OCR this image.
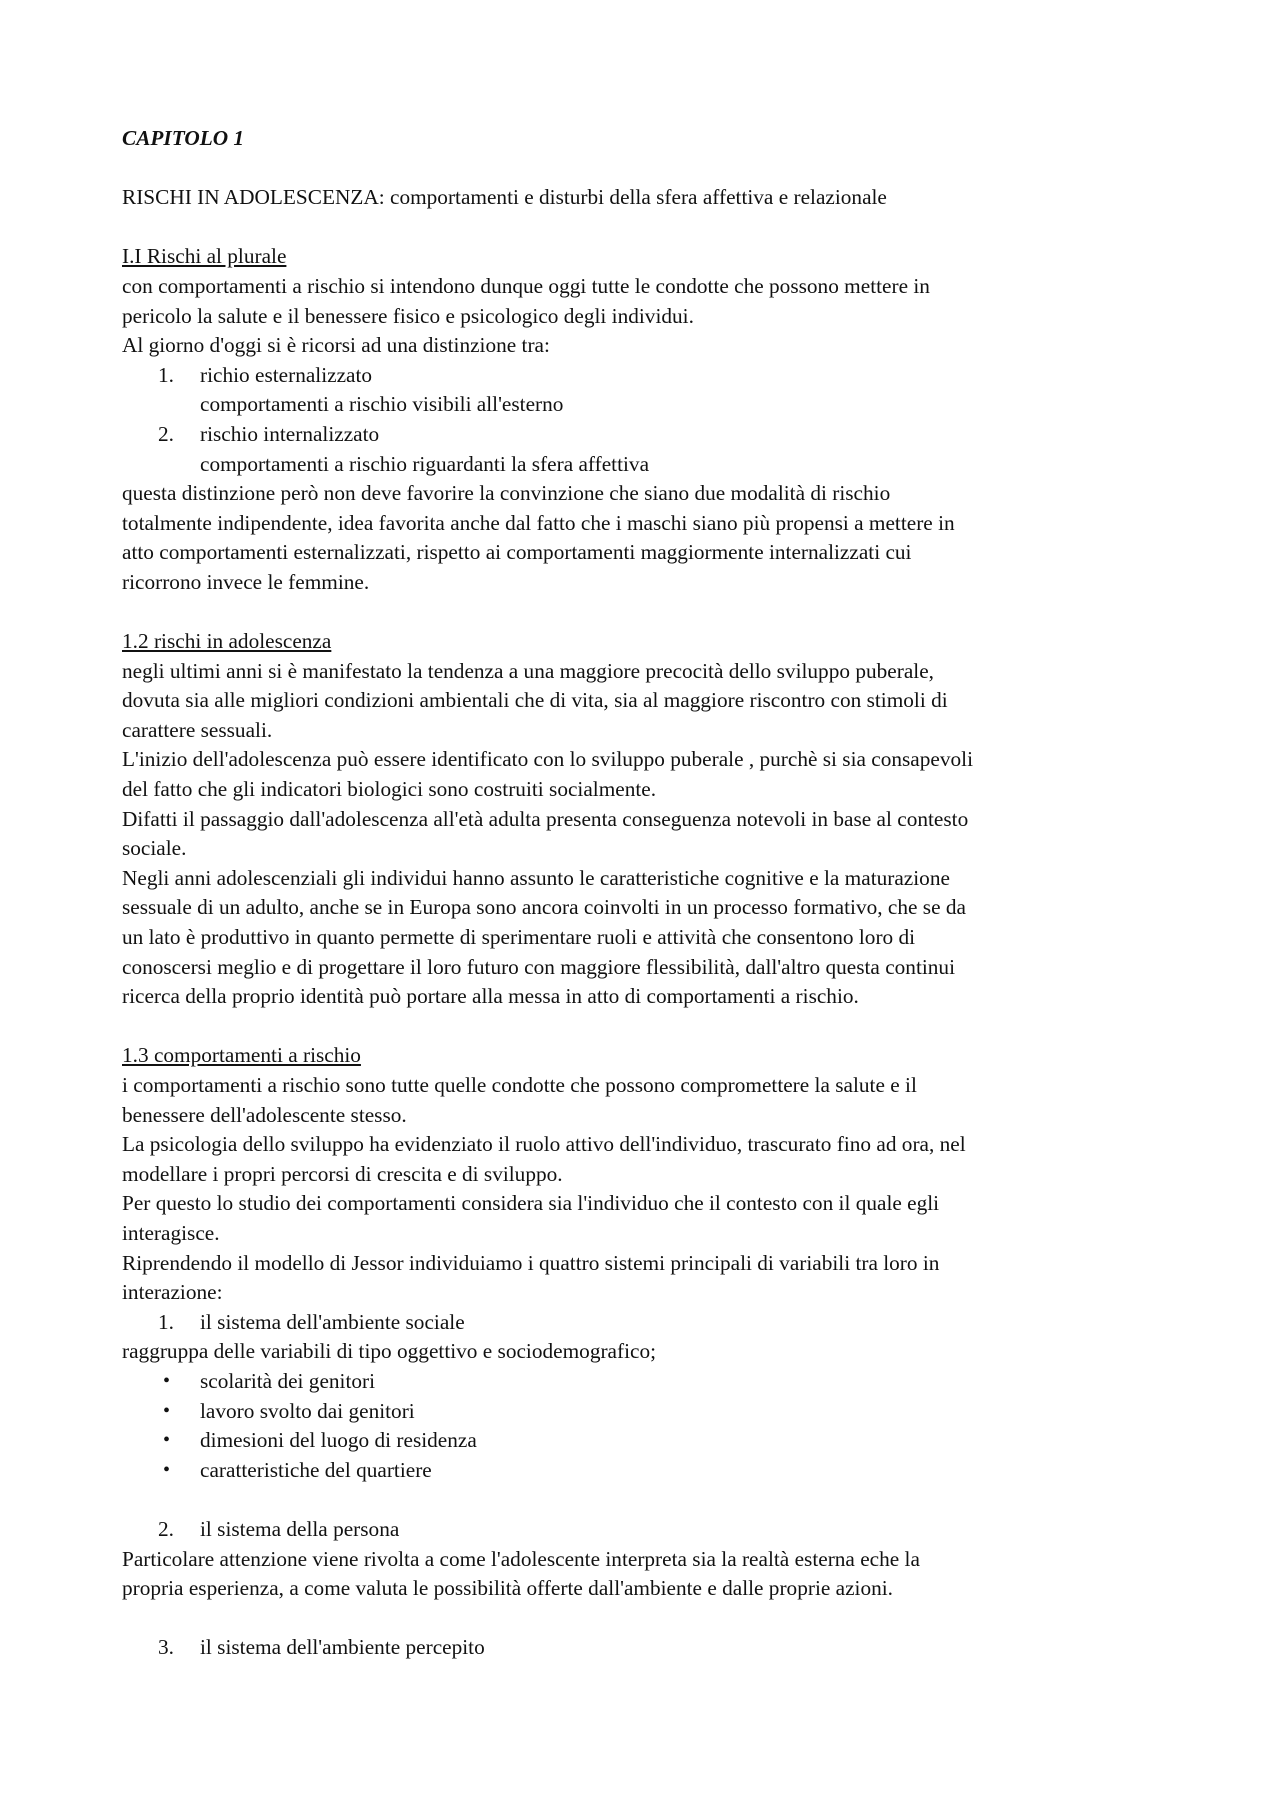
CAPITOLO 1
RISCHI IN ADOLESCENZA: comportamenti e disturbi della sfera affettiva e relazionale
I.I Rischi al plurale
con comportamenti a rischio si intendono dunque oggi tutte le condotte che possono mettere in
pericolo la salute e il benessere fisico e psicologico degli individui.
Al giorno d'oggi si è ricorsi ad una distinzione tra:
1. richio esternalizzato
comportamenti a rischio visibili all'esterno
2. rischio internalizzato
comportamenti a rischio riguardanti la sfera affettiva
questa distinzione però non deve favorire la convinzione che siano due modalità di rischio
totalmente indipendente, idea favorita anche dal fatto che i maschi siano più propensi a mettere in
atto comportamenti esternalizzati, rispetto ai comportamenti maggiormente internalizzati cui
ricorrono invece le femmine.
1.2 rischi in adolescenza
negli ultimi anni si è manifestato la tendenza a una maggiore precocità dello sviluppo puberale,
dovuta sia alle migliori condizioni ambientali che di vita, sia al maggiore riscontro con stimoli di
carattere sessuali.
L'inizio dell'adolescenza può essere identificato con lo sviluppo puberale , purchè si sia consapevoli
del fatto che gli indicatori biologici sono costruiti socialmente.
Difatti il passaggio dall'adolescenza all'età adulta presenta conseguenza notevoli in base al contesto
sociale.
Negli anni adolescenziali gli individui hanno assunto le caratteristiche cognitive e la maturazione
sessuale di un adulto, anche se in Europa sono ancora coinvolti in un processo formativo, che se da
un lato è produttivo in quanto permette di sperimentare ruoli e attività che consentono loro di
conoscersi meglio e di progettare il loro futuro con maggiore flessibilità, dall'altro questa continui
ricerca della proprio identità può portare alla messa in atto di comportamenti a rischio.
1.3 comportamenti a rischio
i comportamenti a rischio sono tutte quelle condotte che possono compromettere la salute e il
benessere dell'adolescente stesso.
La psicologia dello sviluppo ha evidenziato il ruolo attivo dell'individuo, trascurato fino ad ora, nel
modellare i propri percorsi di crescita e di sviluppo.
Per questo lo studio dei comportamenti considera sia l'individuo che il contesto con il quale egli
interagisce.
Riprendendo il modello di Jessor individuiamo i quattro sistemi principali di variabili tra loro in
interazione:
1. il sistema dell'ambiente sociale
raggruppa delle variabili di tipo oggettivo e sociodemografico;
• scolarità dei genitori
• lavoro svolto dai genitori
• dimesioni del luogo di residenza
• caratteristiche del quartiere
2. il sistema della persona
Particolare attenzione viene rivolta a come l'adolescente interpreta sia la realtà esterna eche la
propria esperienza, a come valuta le possibilità offerte dall'ambiente e dalle proprie azioni.
3. il sistema dell'ambiente percepito
